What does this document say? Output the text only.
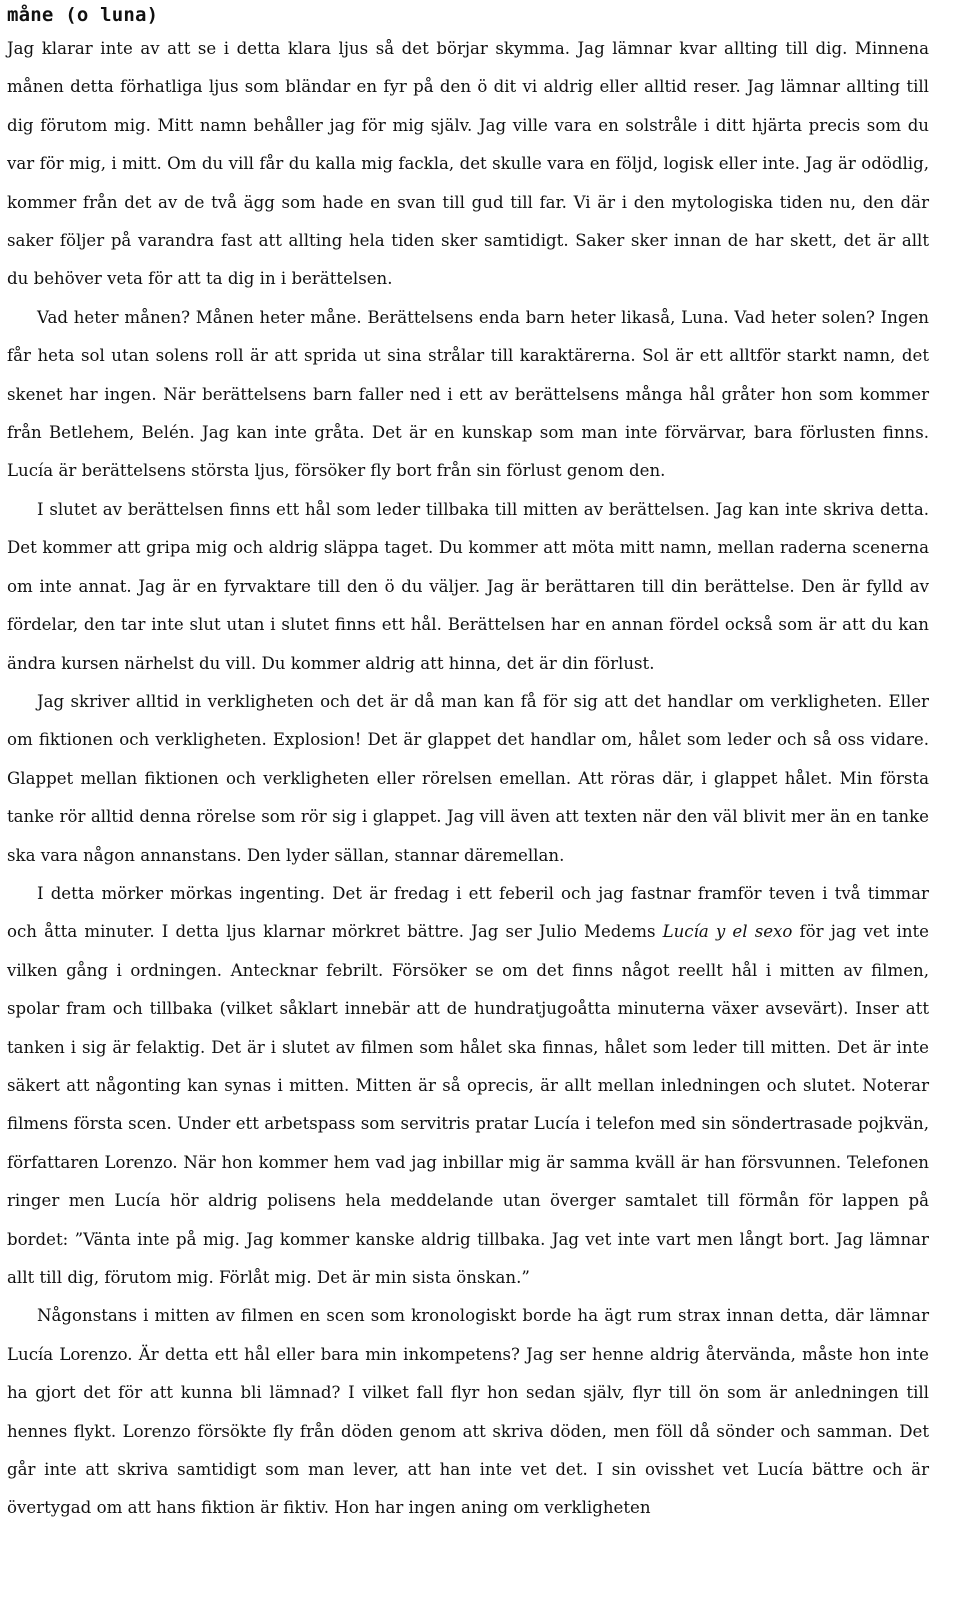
måne (o luna)

Jag klarar inte av att se i detta klara ljus så det börjar skymma. Jag lämnar kvar allting till dig. Minnena månen detta förhatliga ljus som bländar en fyr på den ö dit vi aldrig eller alltid reser. Jag lämnar allting till dig förutom mig. Mitt namn behåller jag för mig själv. Jag ville vara en solstråle i ditt hjärta precis som du var för mig, i mitt. Om du vill får du kalla mig fackla, det skulle vara en följd, logisk eller inte. Jag är odödlig, kommer från det av de två ägg som hade en svan till gud till far. Vi är i den mytologiska tiden nu, den där saker följer på varandra fast att allting hela tiden sker samtidigt. Saker sker innan de har skett, det är allt du behöver veta för att ta dig in i berättelsen.

Vad heter månen? Månen heter måne. Berättelsens enda barn heter likaså, Luna. Vad heter solen? Ingen får heta sol utan solens roll är att sprida ut sina strålar till karaktärerna. Sol är ett alltför starkt namn, det skenet har ingen. När berättelsens barn faller ned i ett av berättelsens många hål gråter hon som kommer från Betlehem, Belén. Jag kan inte gråta. Det är en kunskap som man inte förvärvar, bara förlusten finns. Lucía är berättelsens största ljus, försöker fly bort från sin förlust genom den.

I slutet av berättelsen finns ett hål som leder tillbaka till mitten av berättelsen. Jag kan inte skriva detta. Det kommer att gripa mig och aldrig släppa taget. Du kommer att möta mitt namn, mellan raderna scenerna om inte annat. Jag är en fyrvaktare till den ö du väljer. Jag är berättaren till din berättelse. Den är fylld av fördelar, den tar inte slut utan i slutet finns ett hål. Berättelsen har en annan fördel också som är att du kan ändra kursen närhelst du vill. Du kommer aldrig att hinna, det är din förlust.

Jag skriver alltid in verkligheten och det är då man kan få för sig att det handlar om verkligheten. Eller om fiktionen och verkligheten. Explosion! Det är glappet det handlar om, hålet som leder och så oss vidare. Glappet mellan fiktionen och verkligheten eller rörelsen emellan. Att röras där, i glappet hålet. Min första tanke rör alltid denna rörelse som rör sig i glappet. Jag vill även att texten när den väl blivit mer än en tanke ska vara någon annanstans. Den lyder sällan, stannar däremellan.

I detta mörker mörkas ingenting. Det är fredag i ett feberil och jag fastnar framför teven i två timmar och åtta minuter. I detta ljus klarnar mörkret bättre. Jag ser Julio Medems Lucía y el sexo för jag vet inte vilken gång i ordningen. Antecknar febrilt. Försöker se om det finns något reellt hål i mitten av filmen, spolar fram och tillbaka (vilket såklart innebär att de hundratjugoåtta minuterna växer avsevärt). Inser att tanken i sig är felaktig. Det är i slutet av filmen som hålet ska finnas, hålet som leder till mitten. Det är inte säkert att någonting kan synas i mitten. Mitten är så oprecis, är allt mellan inledningen och slutet. Noterar filmens första scen. Under ett arbetspass som servitris pratar Lucía i telefon med sin söndertrasade pojkvän, författaren Lorenzo. När hon kommer hem vad jag inbillar mig är samma kväll är han försvunnen. Telefonen ringer men Lucía hör aldrig polisens hela meddelande utan överger samtalet till förmån för lappen på bordet: ”Vänta inte på mig. Jag kommer kanske aldrig tillbaka. Jag vet inte vart men långt bort. Jag lämnar allt till dig, förutom mig. Förlåt mig. Det är min sista önskan.”

Någonstans i mitten av filmen en scen som kronologiskt borde ha ägt rum strax innan detta, där lämnar Lucía Lorenzo. Är detta ett hål eller bara min inkompetens? Jag ser henne aldrig återvända, måste hon inte ha gjort det för att kunna bli lämnad? I vilket fall flyr hon sedan själv, flyr till ön som är anledningen till hennes flykt. Lorenzo försökte fly från döden genom att skriva döden, men föll då sönder och samman. Det går inte att skriva samtidigt som man lever, att han inte vet det. I sin ovisshet vet Lucía bättre och är övertygad om att hans fiktion är fiktiv. Hon har ingen aning om verkligheten
